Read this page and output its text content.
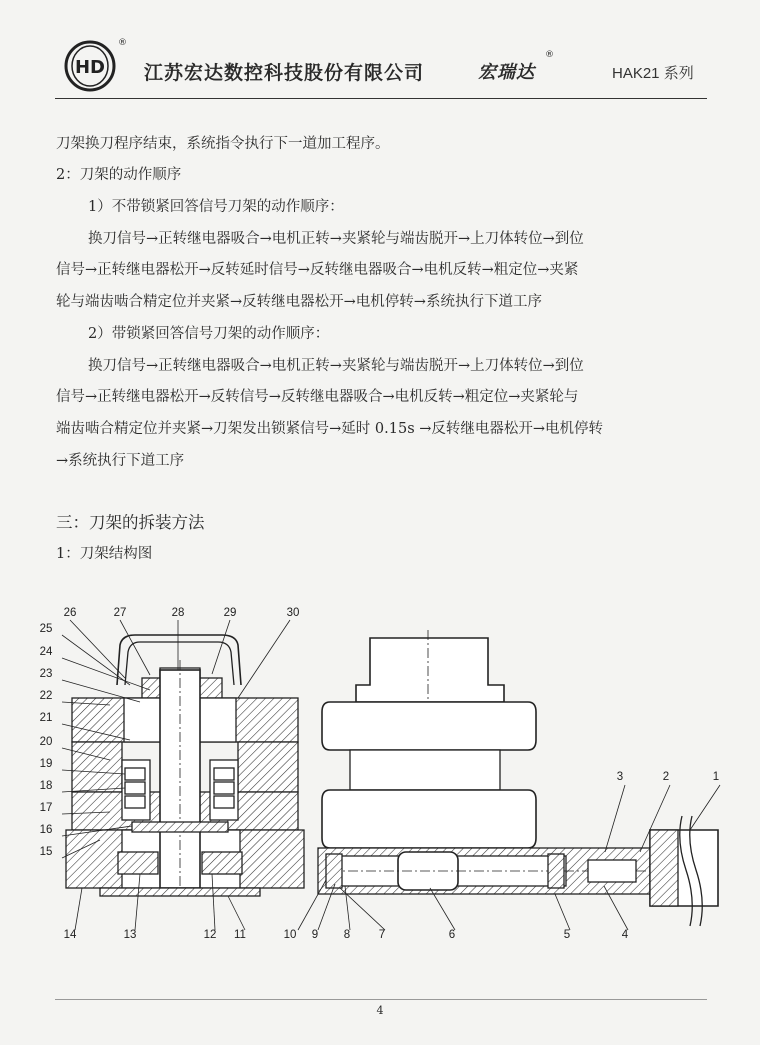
HD
®
江苏宏达数控科技股份有限公司	宏瑞达
®
HAK21 系列
刀架换刀程序结束，系统指令执行下一道加工程序。
2：刀架的动作顺序
1）不带锁紧回答信号刀架的动作顺序：
换刀信号→正转继电器吸合→电机正转→夹紧轮与端齿脱开→上刀体转位→到位
信号→正转继电器松开→反转延时信号→反转继电器吸合→电机反转→粗定位→夹紧
轮与端齿啮合精定位并夹紧→反转继电器松开→电机停转→系统执行下道工序
2）带锁紧回答信号刀架的动作顺序：
换刀信号→正转继电器吸合→电机正转→夹紧轮与端齿脱开→上刀体转位→到位
信号→正转继电器松开→反转信号→反转继电器吸合→电机反转→粗定位→夹紧轮与
端齿啮合精定位并夹紧→刀架发出锁紧信号→延时 0.15s →反转继电器松开→电机停转
→系统执行下道工序
三：刀架的拆装方法
1：刀架结构图
1
2
3
4
5
6
7
8
9
10
11
12
13
14
15
16
17
18
19
20
21
22
23
24
25
26	27	28	29	30
4
